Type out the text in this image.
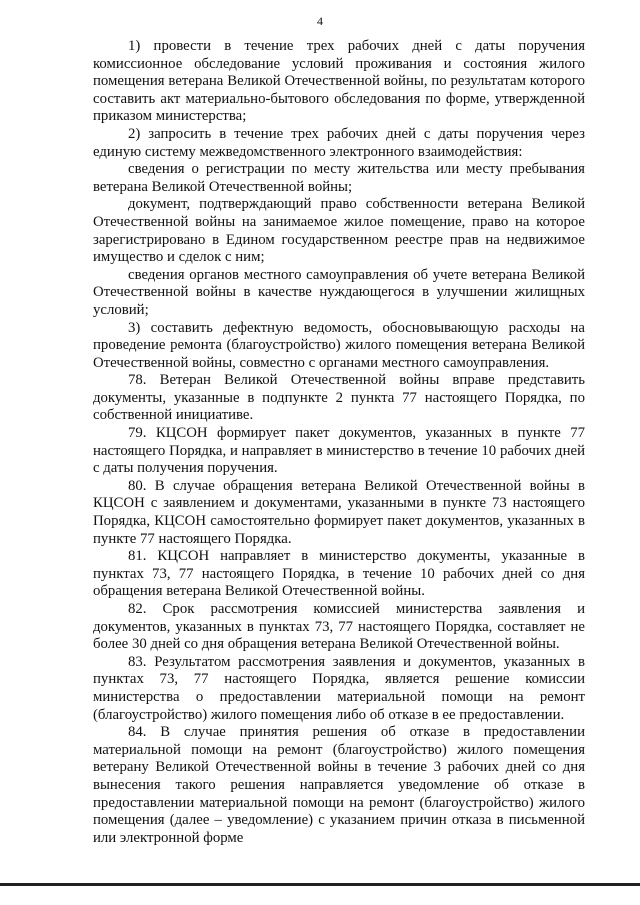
4

1) провести в течение трех рабочих дней с даты поручения комиссионное обследование условий проживания и состояния жилого помещения ветерана Великой Отечественной войны, по результатам которого составить акт материально-бытового обследования по форме, утвержденной приказом министерства;

2) запросить в течение трех рабочих дней с даты поручения через единую систему межведомственного электронного взаимодействия:

сведения о регистрации по месту жительства или месту пребывания ветерана Великой Отечественной войны;

документ, подтверждающий право собственности ветерана Великой Отечественной войны на занимаемое жилое помещение, право на которое зарегистрировано в Едином государственном реестре прав на недвижимое имущество и сделок с ним;

сведения органов местного самоуправления об учете ветерана Великой Отечественной войны в качестве нуждающегося в улучшении жилищных условий;

3) составить дефектную ведомость, обосновывающую расходы на проведение ремонта (благоустройство) жилого помещения ветерана Великой Отечественной войны, совместно с органами местного самоуправления.

78. Ветеран Великой Отечественной войны вправе представить документы, указанные в подпункте 2 пункта 77 настоящего Порядка, по собственной инициативе.

79. КЦСОН формирует пакет документов, указанных в пункте 77 настоящего Порядка, и направляет в министерство в течение 10 рабочих дней с даты получения поручения.

80. В случае обращения ветерана Великой Отечественной войны в КЦСОН с заявлением и документами, указанными в пункте 73 настоящего Порядка, КЦСОН самостоятельно формирует пакет документов, указанных в пункте 77 настоящего Порядка.

81. КЦСОН направляет в министерство документы, указанные в пунктах 73, 77 настоящего Порядка, в течение 10 рабочих дней со дня обращения ветерана Великой Отечественной войны.

82. Срок рассмотрения комиссией министерства заявления и документов, указанных в пунктах 73, 77 настоящего Порядка, составляет не более 30 дней со дня обращения ветерана Великой Отечественной войны.

83. Результатом рассмотрения заявления и документов, указанных в пунктах 73, 77 настоящего Порядка, является решение комиссии министерства о предоставлении материальной помощи на ремонт (благоустройство) жилого помещения либо об отказе в ее предоставлении.

84. В случае принятия решения об отказе в предоставлении материальной помощи на ремонт (благоустройство) жилого помещения ветерану Великой Отечественной войны в течение 3 рабочих дней со дня вынесения такого решения направляется уведомление об отказе в предоставлении материальной помощи на ремонт (благоустройство) жилого помещения (далее – уведомление) с указанием причин отказа в письменной или электронной форме
